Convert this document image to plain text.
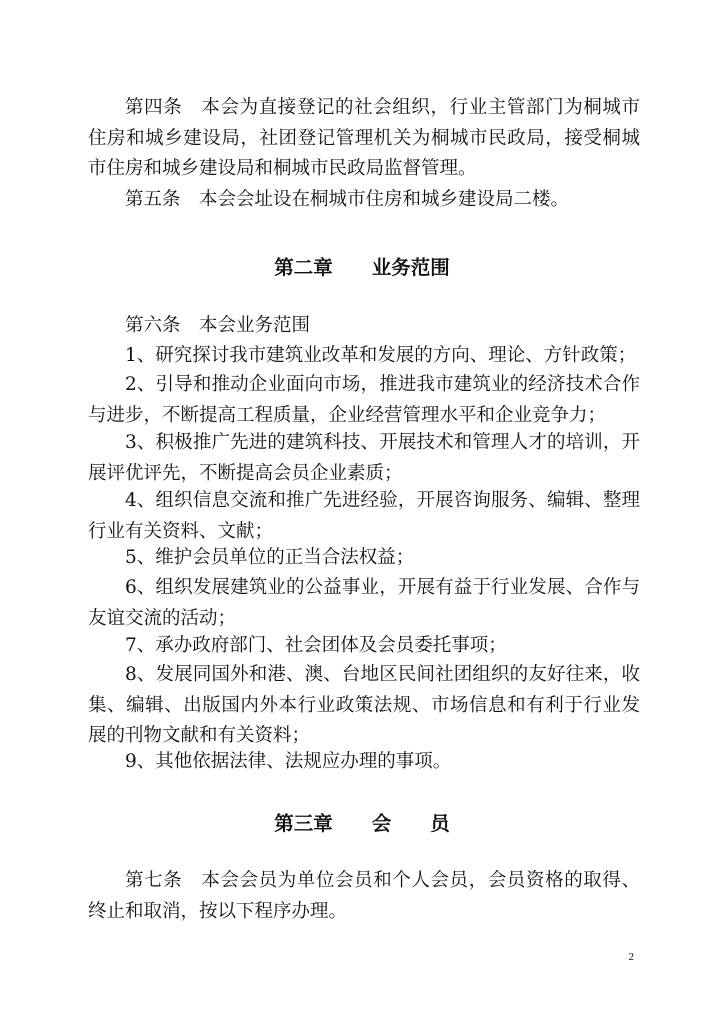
第四条　本会为直接登记的社会组织，行业主管部门为桐城市住房和城乡建设局，社团登记管理机关为桐城市民政局，接受桐城市住房和城乡建设局和桐城市民政局监督管理。

第五条　本会会址设在桐城市住房和城乡建设局二楼。

第二章　　业务范围

第六条　本会业务范围

1、研究探讨我市建筑业改革和发展的方向、理论、方针政策；

2、引导和推动企业面向市场，推进我市建筑业的经济技术合作与进步，不断提高工程质量，企业经营管理水平和企业竞争力；

3、积极推广先进的建筑科技、开展技术和管理人才的培训，开展评优评先，不断提高会员企业素质；

4、组织信息交流和推广先进经验，开展咨询服务、编辑、整理行业有关资料、文献；

5、维护会员单位的正当合法权益；

6、组织发展建筑业的公益事业，开展有益于行业发展、合作与友谊交流的活动；

7、承办政府部门、社会团体及会员委托事项；

8、发展同国外和港、澳、台地区民间社团组织的友好往来，收集、编辑、出版国内外本行业政策法规、市场信息和有利于行业发展的刊物文献和有关资料；

9、其他依据法律、法规应办理的事项。

第三章　　会　　员

第七条　本会会员为单位会员和个人会员，会员资格的取得、终止和取消，按以下程序办理。

2
